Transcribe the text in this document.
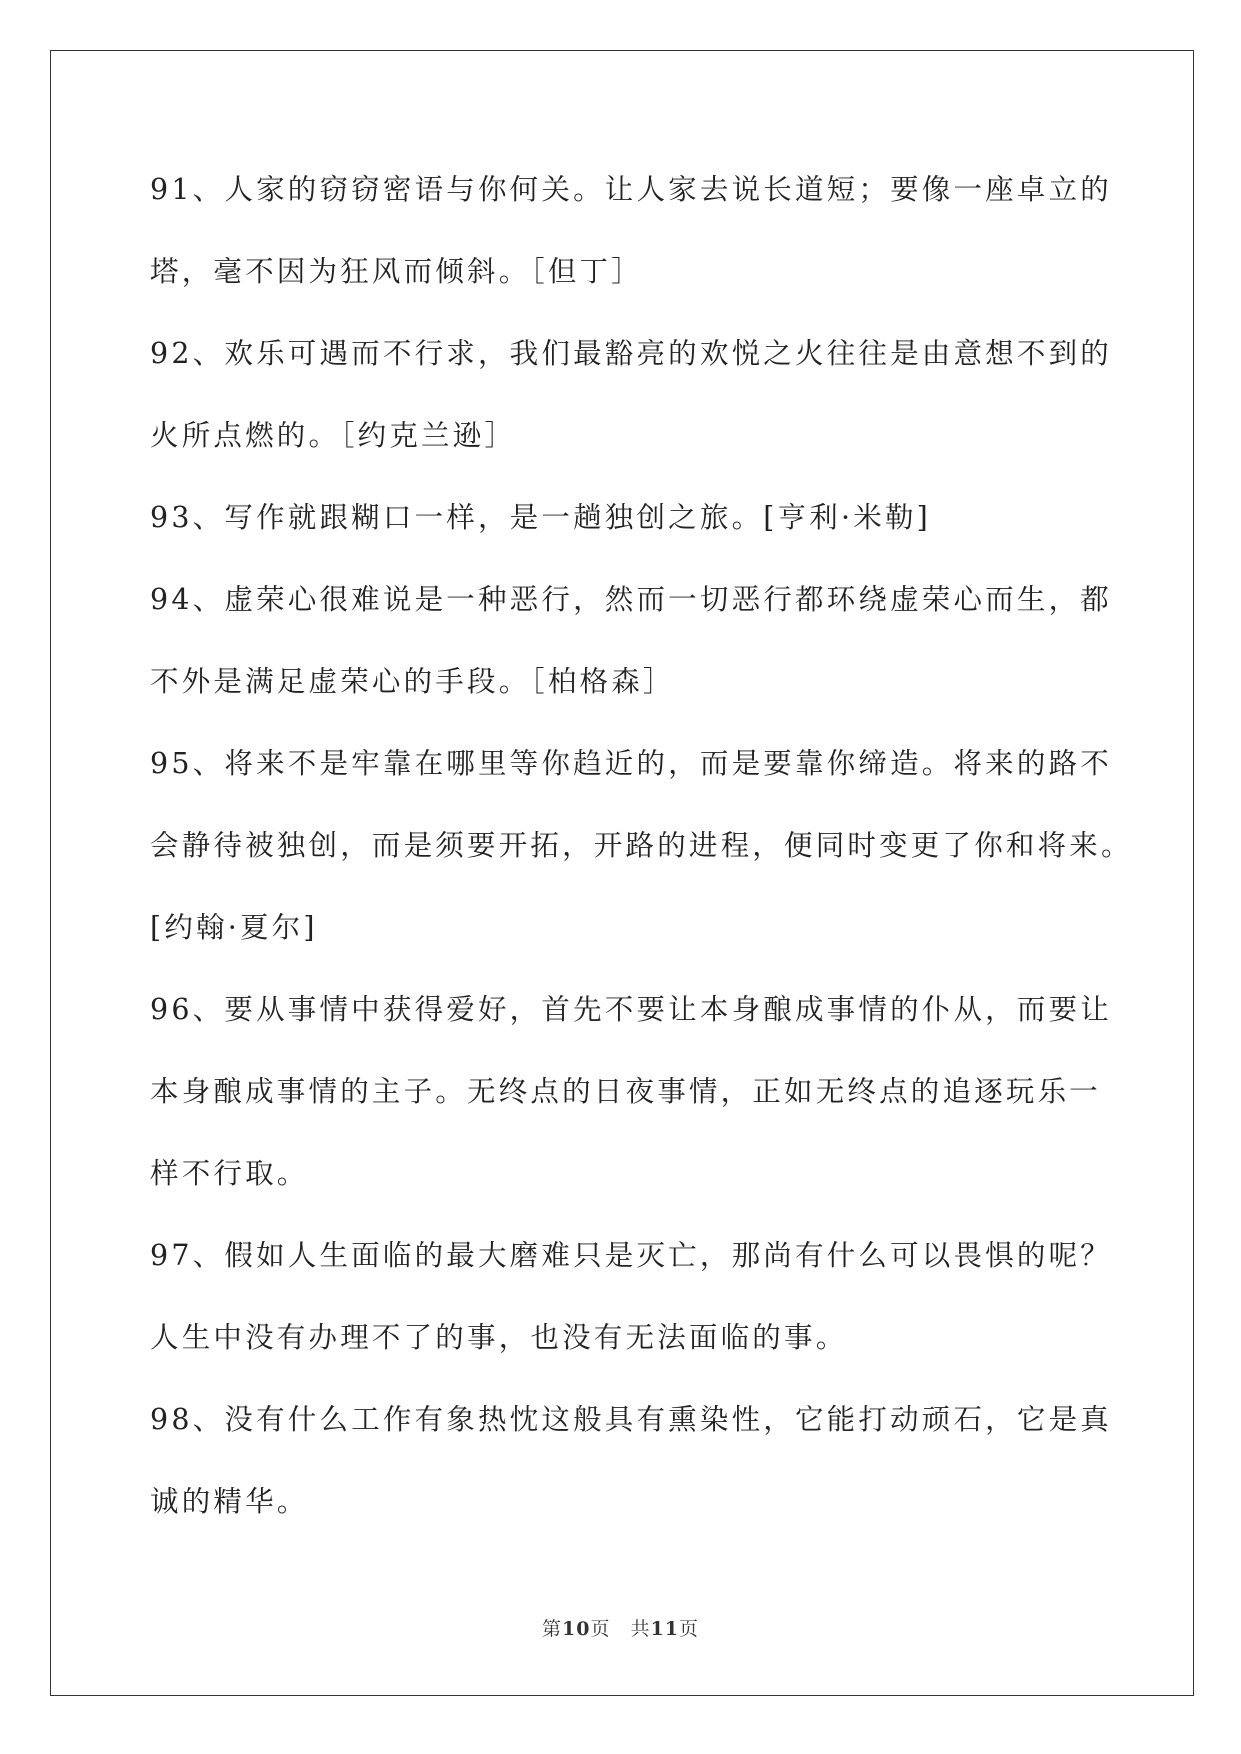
91、人家的窃窃密语与你何关。让人家去说长道短；要像一座卓立的
塔，毫不因为狂风而倾斜。［但丁］
92、欢乐可遇而不行求，我们最豁亮的欢悦之火往往是由意想不到的
火所点燃的。［约克兰逊］
93、写作就跟糊口一样，是一趟独创之旅。[亨利·米勒]
94、虚荣心很难说是一种恶行，然而一切恶行都环绕虚荣心而生，都
不外是满足虚荣心的手段。［柏格森］
95、将来不是牢靠在哪里等你趋近的，而是要靠你缔造。将来的路不
会静待被独创，而是须要开拓，开路的进程，便同时变更了你和将来。
[约翰·夏尔]
96、要从事情中获得爱好，首先不要让本身酿成事情的仆从，而要让
本身酿成事情的主子。无终点的日夜事情，正如无终点的追逐玩乐一
样不行取。
97、假如人生面临的最大磨难只是灭亡，那尚有什么可以畏惧的呢？
人生中没有办理不了的事，也没有无法面临的事。
98、没有什么工作有象热忱这般具有熏染性，它能打动顽石，它是真
诚的精华。
第10页 共11页
